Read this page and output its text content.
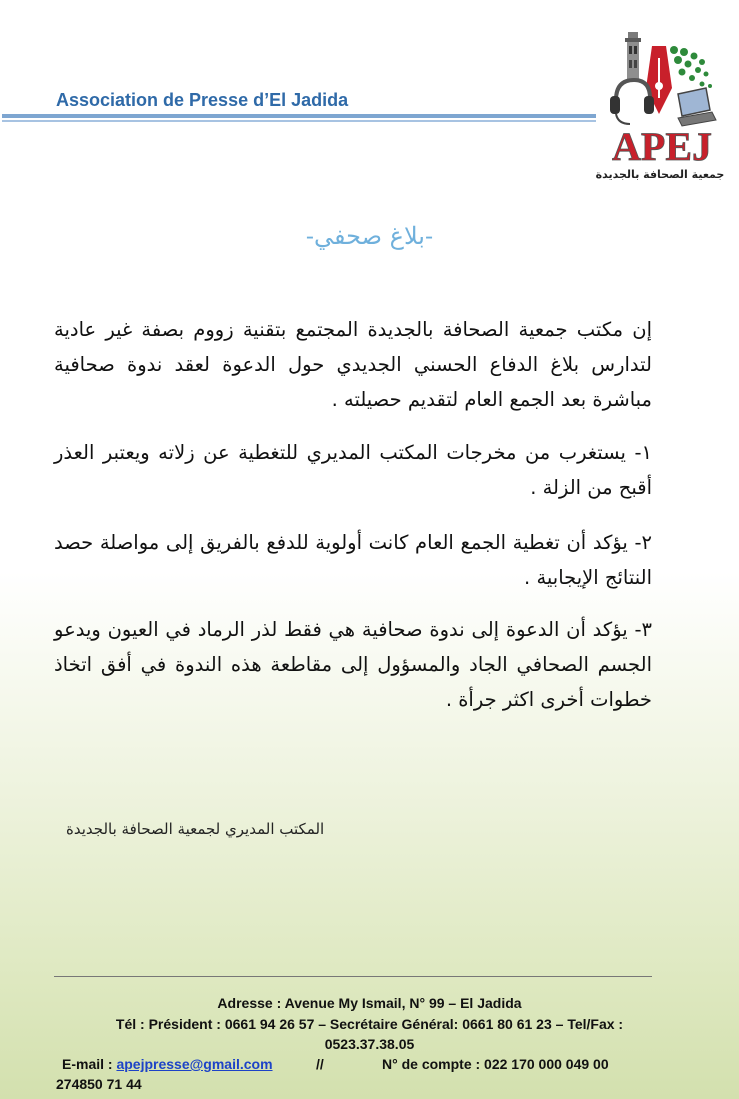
Association de Presse d’El Jadida
APEJ
جمعية الصحافة بالجديدة
-بلاغ صحفي-

إن مكتب جمعية الصحافة بالجديدة المجتمع بتقنية زووم بصفة غير عادية لتدارس بلاغ الدفاع الحسني الجديدي حول الدعوة لعقد ندوة صحافية مباشرة بعد الجمع العام لتقديم حصيلته .

١- يستغرب من مخرجات المكتب المديري للتغطية عن زلاته ويعتبر العذر أقبح من الزلة .

٢- يؤكد أن تغطية الجمع العام كانت أولوية للدفع بالفريق إلى مواصلة حصد النتائج الإيجابية .

٣- يؤكد أن الدعوة إلى ندوة صحافية هي فقط لذر الرماد في العيون ويدعو الجسم الصحافي الجاد والمسؤول إلى مقاطعة هذه الندوة في أفق اتخاذ خطوات أخرى اكثر جرأة .

المكتب المديري لجمعية الصحافة بالجديدة
Adresse : Avenue My Ismail, N° 99 – El Jadida
Tél : Président : 0661 94 26 57 – Secrétaire Général: 0661 80 61 23 – Tel/Fax :
0523.37.38.05
E-mail : apejpresse@gmail.com	//	N° de compte : 022 170 000 049 00
274850 71 44
